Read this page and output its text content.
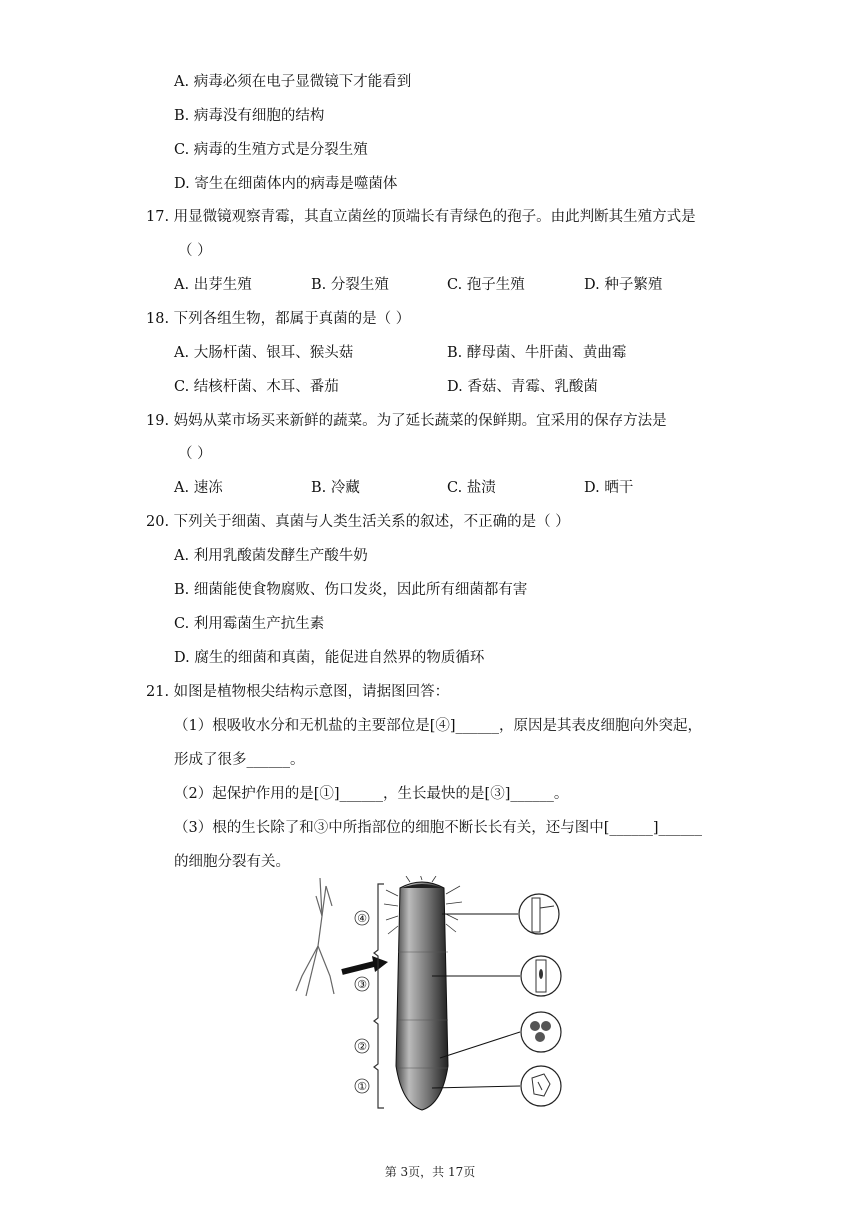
A. 病毒必须在电子显微镜下才能看到
B. 病毒没有细胞的结构
C. 病毒的生殖方式是分裂生殖
D. 寄生在细菌体内的病毒是噬菌体
17. 用显微镜观察青霉，其直立菌丝的顶端长有青绿色的孢子。由此判断其生殖方式是
（ ）
A. 出芽生殖	B. 分裂生殖	C. 孢子生殖	D. 种子繁殖
18. 下列各组生物，都属于真菌的是（ ）
A. 大肠杆菌、银耳、猴头菇	B. 酵母菌、牛肝菌、黄曲霉
C. 结核杆菌、木耳、番茄	D. 香菇、青霉、乳酸菌
19. 妈妈从菜市场买来新鲜的蔬菜。为了延长蔬菜的保鲜期。宜采用的保存方法是
（ ）
A. 速冻	B. 冷藏	C. 盐渍	D. 晒干
20. 下列关于细菌、真菌与人类生活关系的叙述，不正确的是（ ）
A. 利用乳酸菌发酵生产酸牛奶
B. 细菌能使食物腐败、伤口发炎，因此所有细菌都有害
C. 利用霉菌生产抗生素
D. 腐生的细菌和真菌，能促进自然界的物质循环
21. 如图是植物根尖结构示意图，请据图回答：
（1）根吸收水分和无机盐的主要部位是[④]______，原因是其表皮细胞向外突起，
形成了很多______。
（2）起保护作用的是[①]______，生长最快的是[③]______。
（3）根的生长除了和③中所指部位的细胞不断长长有关，还与图中[______]______
的细胞分裂有关。
④
③
②
①
第 3页，共 17页
